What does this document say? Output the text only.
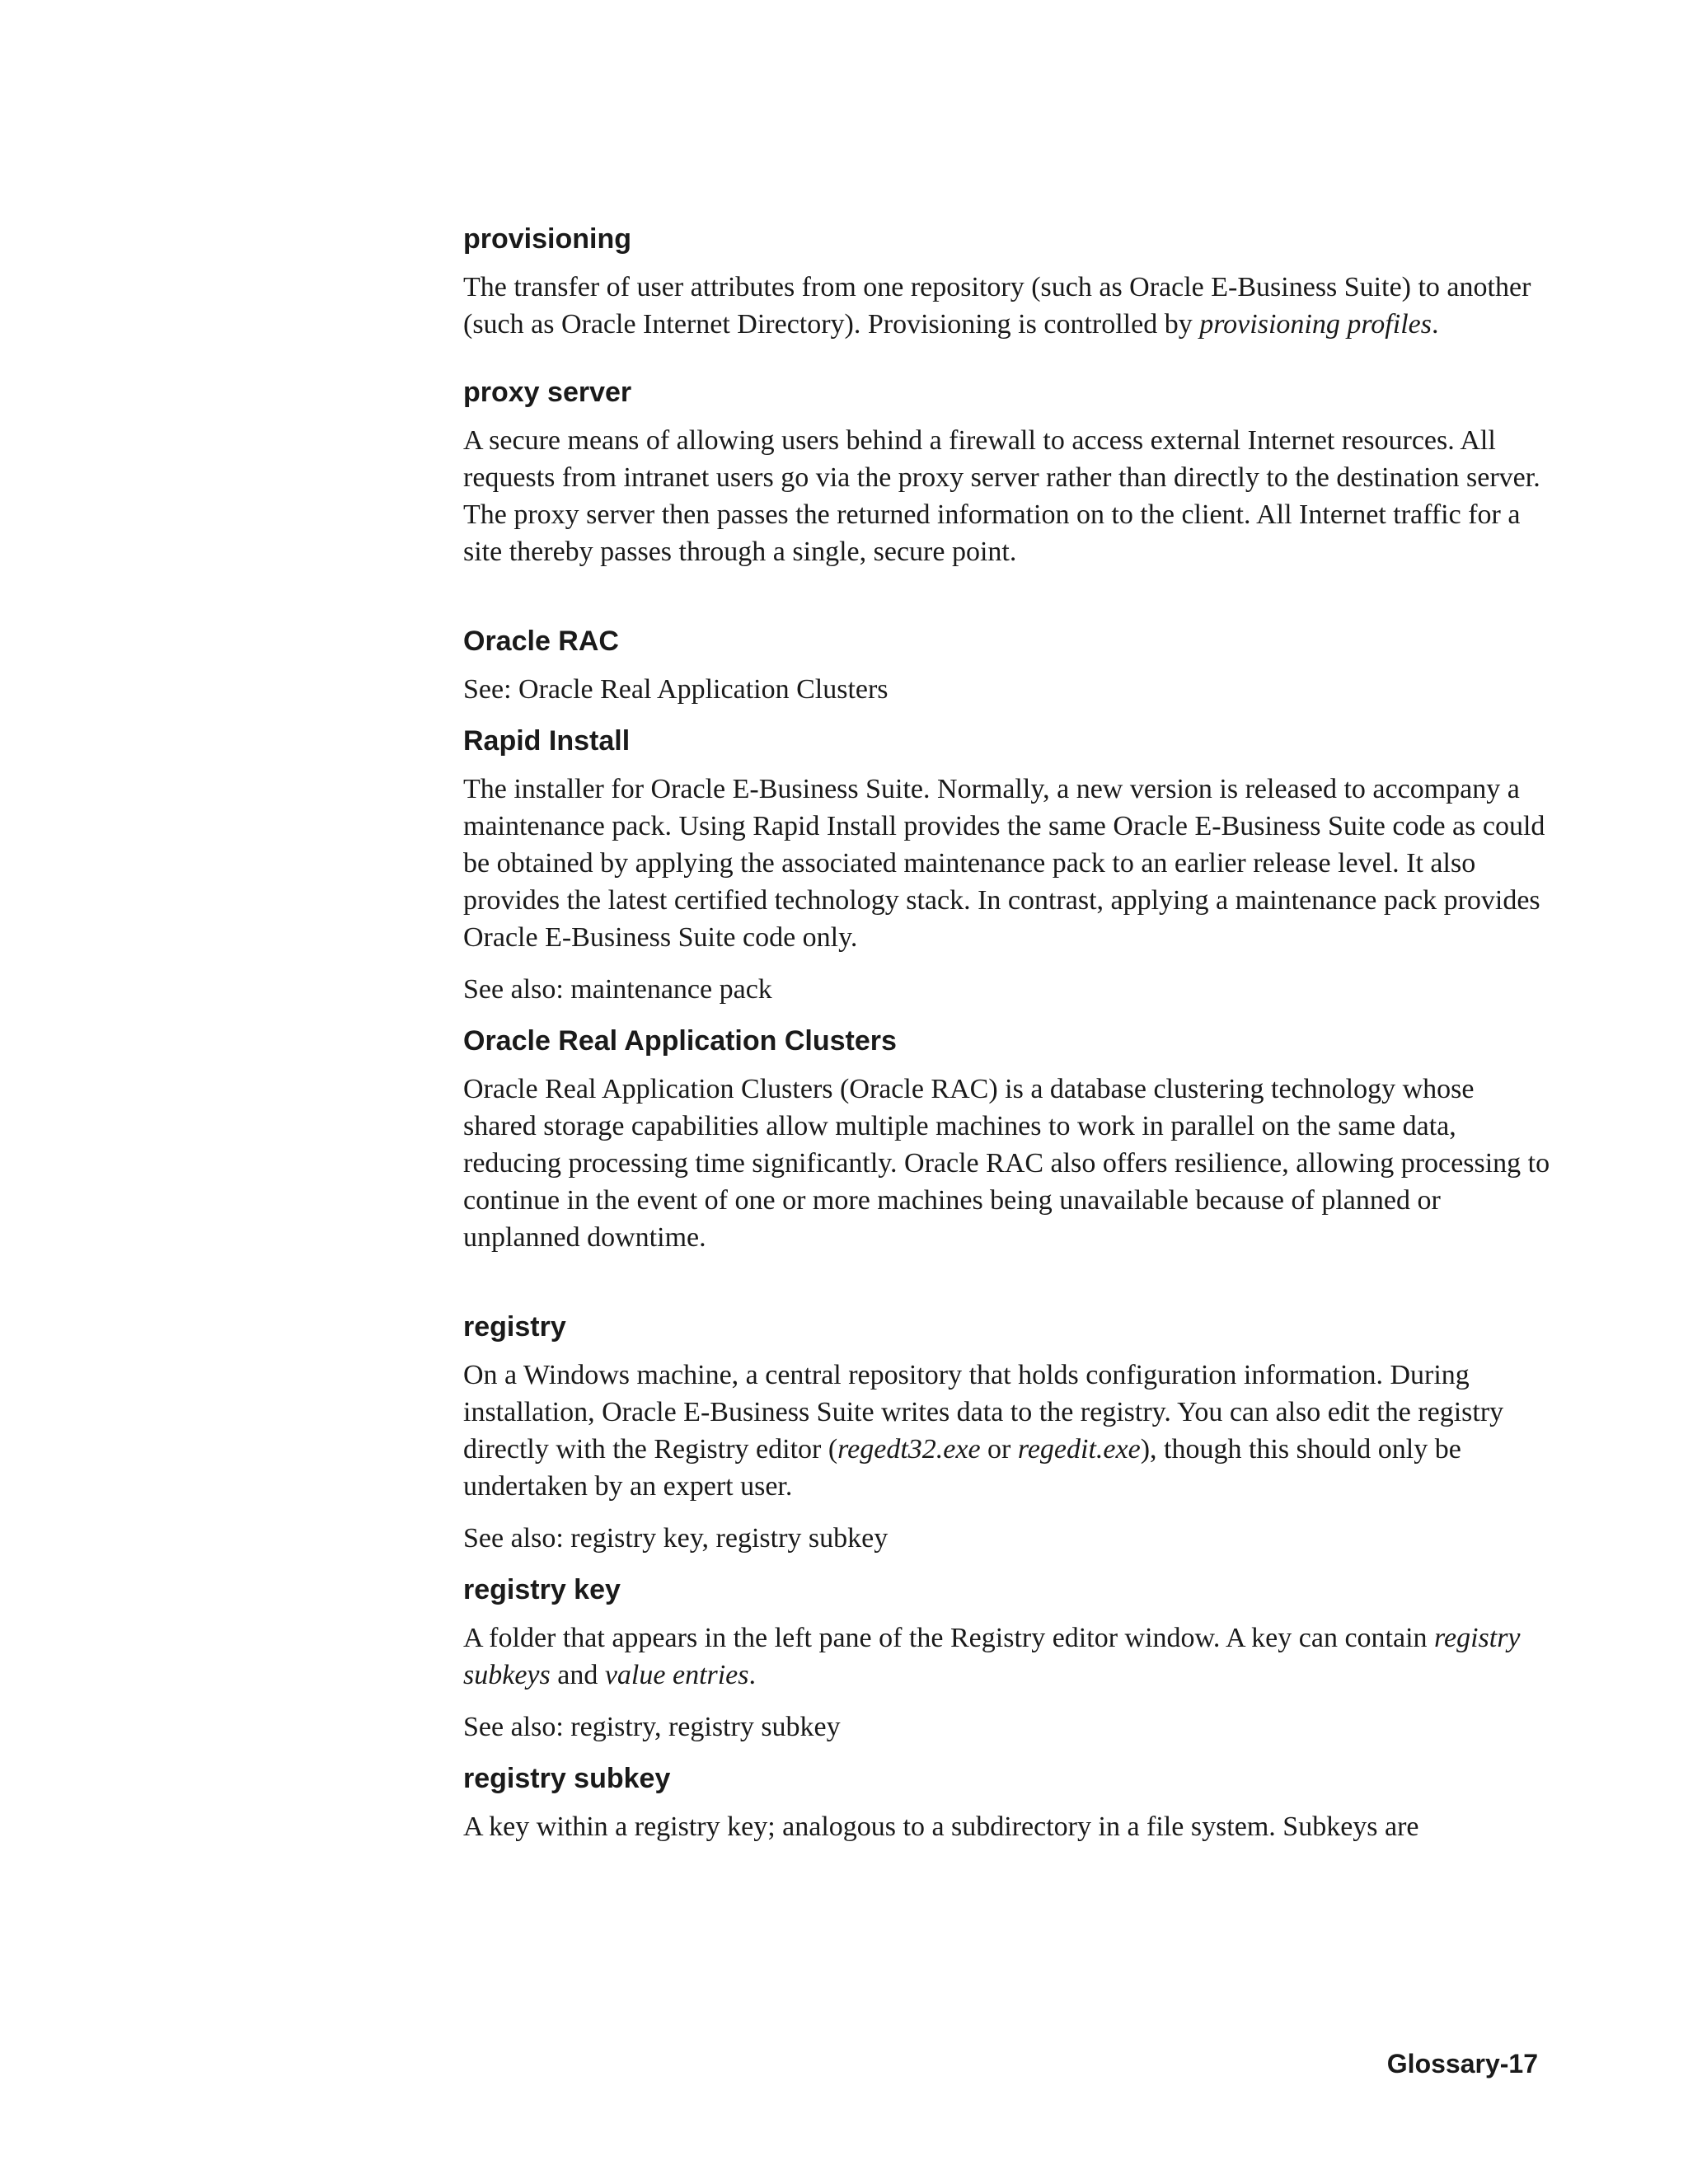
provisioning

The transfer of user attributes from one repository (such as Oracle E-Business Suite) to another (such as Oracle Internet Directory). Provisioning is controlled by provisioning profiles.

proxy server

A secure means of allowing users behind a firewall to access external Internet resources. All requests from intranet users go via the proxy server rather than directly to the destination server. The proxy server then passes the returned information on to the client. All Internet traffic for a site thereby passes through a single, secure point.

Oracle RAC

See: Oracle Real Application Clusters

Rapid Install

The installer for Oracle E-Business Suite. Normally, a new version is released to accompany a maintenance pack. Using Rapid Install provides the same Oracle E-Business Suite code as could be obtained by applying the associated maintenance pack to an earlier release level. It also provides the latest certified technology stack. In contrast, applying a maintenance pack provides Oracle E-Business Suite code only.

See also: maintenance pack

Oracle Real Application Clusters

Oracle Real Application Clusters (Oracle RAC) is a database clustering technology whose shared storage capabilities allow multiple machines to work in parallel on the same data, reducing processing time significantly. Oracle RAC also offers resilience, allowing processing to continue in the event of one or more machines being unavailable because of planned or unplanned downtime.

registry

On a Windows machine, a central repository that holds configuration information. During installation, Oracle E-Business Suite writes data to the registry. You can also edit the registry directly with the Registry editor (regedt32.exe or regedit.exe), though this should only be undertaken by an expert user.

See also: registry key, registry subkey

registry key

A folder that appears in the left pane of the Registry editor window. A key can contain registry subkeys and value entries.

See also: registry, registry subkey

registry subkey

A key within a registry key; analogous to a subdirectory in a file system. Subkeys are

Glossary-17
